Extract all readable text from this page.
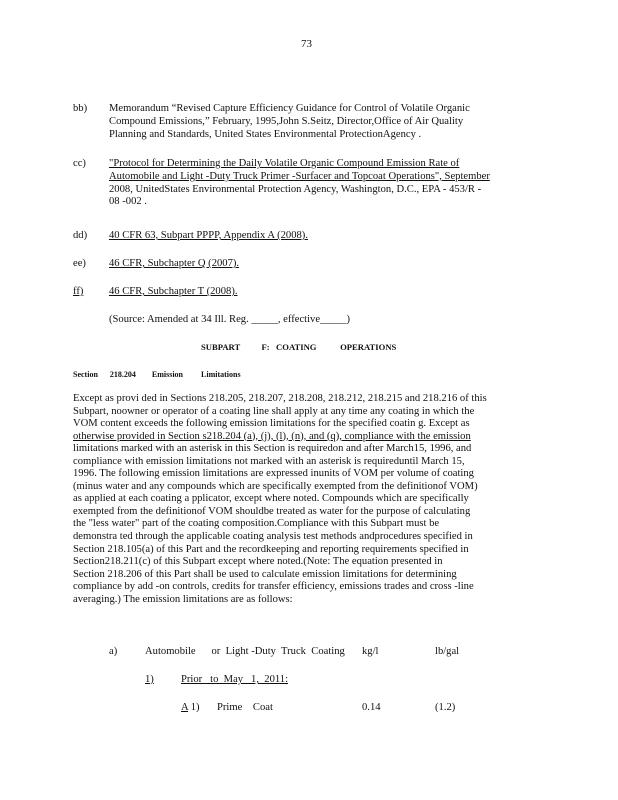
73
bb) Memorandum “Revised Capture Efficiency Guidance for Control of Volatile Organic
Compound Emissions,” February, 1995,John S.Seitz, Director,Office of Air Quality
Planning and Standards, United States Environmental ProtectionAgency .
cc) "Protocol for Determining the Daily Volatile Organic Compound Emission Rate of
Automobile and Light -Duty Truck Primer -Surfacer and Topcoat Operations", September
2008, UnitedStates Environmental Protection Agency, Washington, D.C., EPA - 453/R -
08 -002 .
dd) 40 CFR 63, Subpart PPPP, Appendix A (2008).
ee) 46 CFR, Subchapter Q (2007).
ff) 46 CFR, Subchapter T (2008).
(Source: Amended at 34 Ill. Reg. _____, effective_____)
SUBPART          F:   COATING           OPERATIONS
Section      218.204        Emission         Limitations
Except as provi ded in Sections 218.205, 218.207, 218.208, 218.212, 218.215 and 218.216 of this
Subpart, noowner or operator of a coating line shall apply at any time any coating in which the
VOM content exceeds the following emission limitations for the specified coatin g. Except as
otherwise provided in Section s218.204 (a), (j), (l), (n), and (q), compliance with the emission
limitations marked with an asterisk in this Section is requiredon and after March15, 1996, and
compliance with emission limitations not marked with an asterisk is requireduntil March 15,
1996. The following emission limitations are expressed inunits of VOM per volume of coating
(minus water and any compounds which are specifically exempted from the definitionof VOM)
as applied at each coating a pplicator, except where noted. Compounds which are specifically
exempted from the definitionof VOM shouldbe treated as water for the purpose of calculating
the "less water" part of the coating composition.Compliance with this Subpart must be
demonstra ted through the applicable coating analysis test methods andprocedures specified in
Section 218.105(a) of this Part and the recordkeeping and reporting requirements specified in
Section218.211(c) of this Subpart except where noted.(Note: The equation presented in
Section 218.206 of this Part shall be used to calculate emission limitations for determining
compliance by add -on controls, credits for transfer efficiency, emissions trades and cross -line
averaging.) The emission limitations are as follows:
a)	Automobile      or  Light -Duty  Truck  Coating kg/l	lb/gal
1)	Prior   to  May   1,  2011:
A 1) Prime    Coat	0.14	(1.2)
